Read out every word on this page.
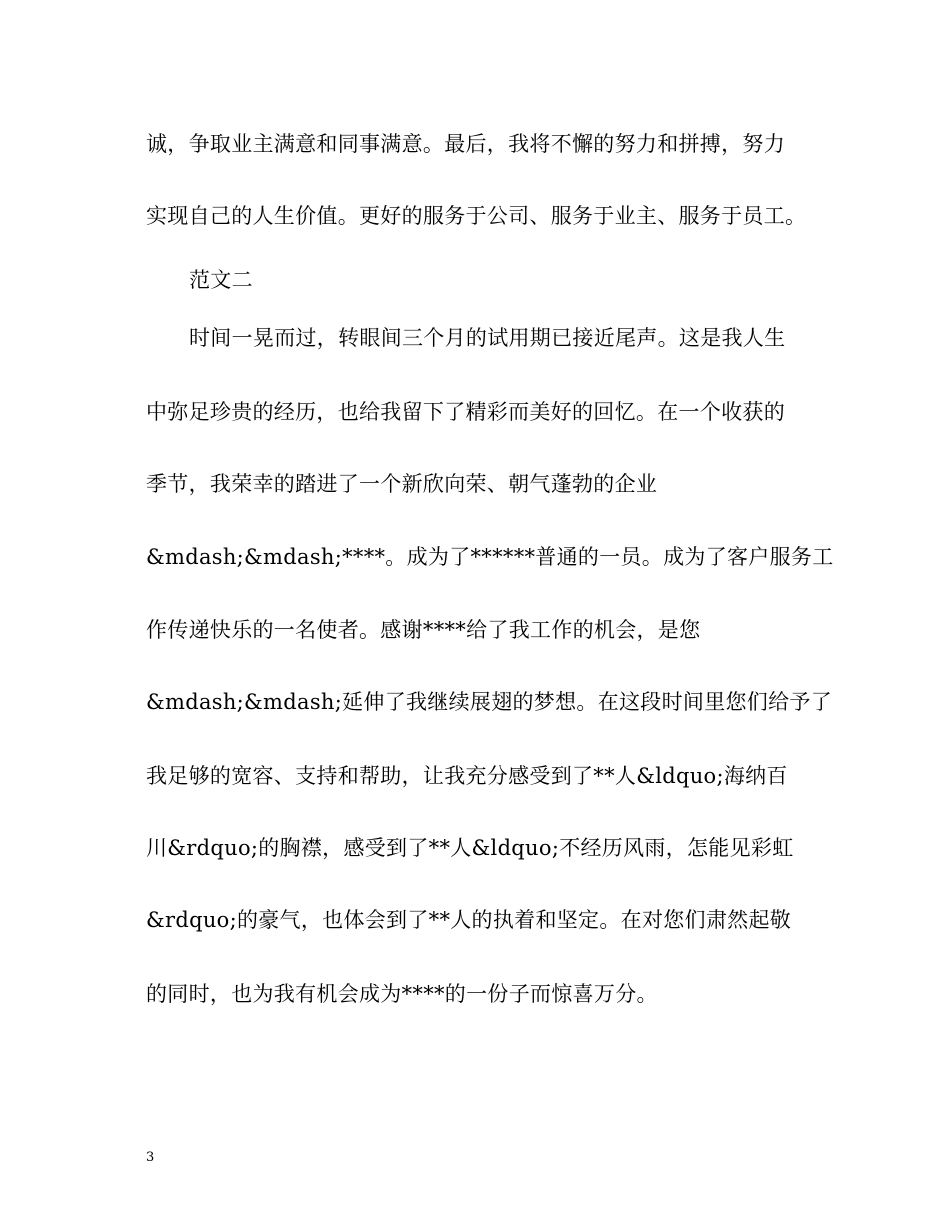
诚，争取业主满意和同事满意。最后，我将不懈的努力和拼搏，努力
实现自己的人生价值。更好的服务于公司、服务于业主、服务于员工。
范文二
时间一晃而过，转眼间三个月的试用期已接近尾声。这是我人生
中弥足珍贵的经历，也给我留下了精彩而美好的回忆。在一个收获的
季节，我荣幸的踏进了一个新欣向荣、朝气蓬勃的企业
&mdash;&mdash;****。成为了******普通的一员。成为了客户服务工
作传递快乐的一名使者。感谢****给了我工作的机会，是您
&mdash;&mdash;延伸了我继续展翅的梦想。在这段时间里您们给予了
我足够的宽容、支持和帮助，让我充分感受到了**人&ldquo;海纳百
川&rdquo;的胸襟，感受到了**人&ldquo;不经历风雨，怎能见彩虹
&rdquo;的豪气，也体会到了**人的执着和坚定。在对您们肃然起敬
的同时，也为我有机会成为****的一份子而惊喜万分。
3
